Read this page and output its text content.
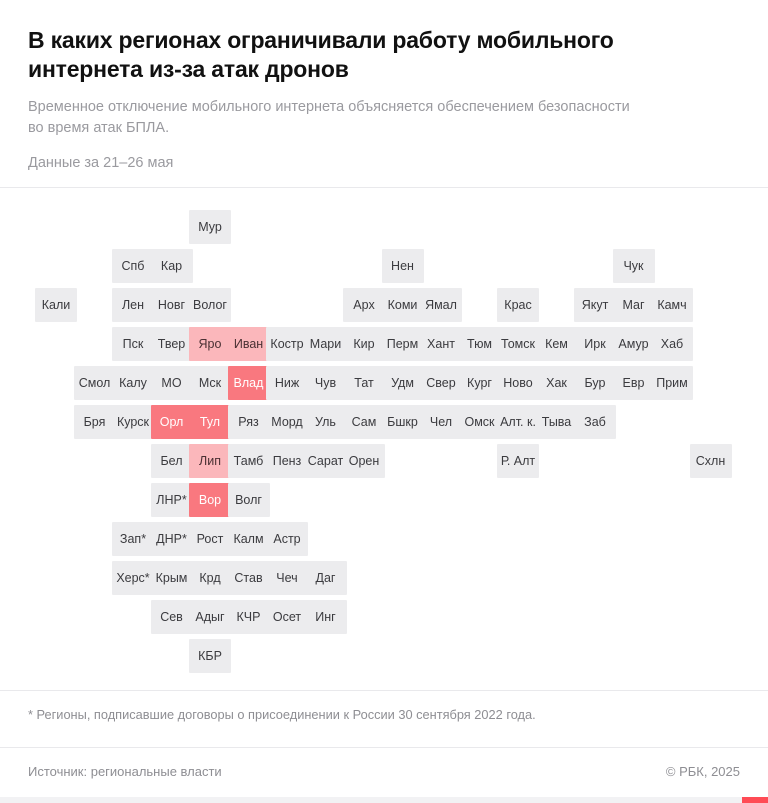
В каких регионах ограничивали работу мобильного интернета из-за атак дронов

Временное отключение мобильного интернета объясняется обеспечением безопасности во время атак БПЛА.

Данные за 21–26 мая

Мур
Спб	Кар	Нен	Чук
Кали	Лен	Новг Волог	Арх	Коми Ямал	Крас	Якут	Маг	Камч
Пск	Твер	Яро Иван Костр Мари Кир Перм Хант Тюм Томск Кем	Ирк	Амур Хаб
Смол Калу	МО	Мск Влад Ниж	Чув	Тат	Удм Свер Кург Ново	Хак	Бур	Евр Прим
Бря Курск Орл	Тул	Ряз	Морд Уль	Сам Бшкр Чел Омск Алт. к. Тыва	Заб
Бел	Лип	Тамб Пенз Сарат Орен	Р. Алт	Схлн
ЛНР* Вор	Волг
Зап* ДНР* Рост Калм Астр
Херс* Крым Крд	Став	Чеч	Даг
Сев	Адыг КЧР Осет	Инг
КБР
* Регионы, подписавшие договоры о присоединении к России 30 сентября 2022 года.
Источник: региональные власти	© РБК, 2025
